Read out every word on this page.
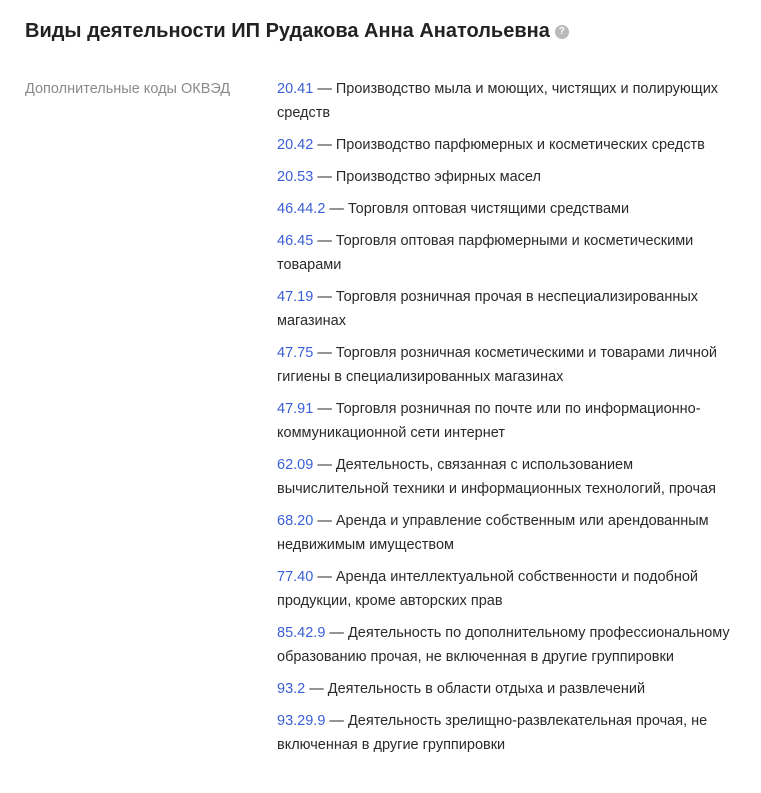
Виды деятельности ИП Рудакова Анна Анатольевна ?
Дополнительные коды ОКВЭД	20.41 — Производство мыла и моющих, чистящих и полирующих средств
20.42 — Производство парфюмерных и косметических средств
20.53 — Производство эфирных масел
46.44.2 — Торговля оптовая чистящими средствами
46.45 — Торговля оптовая парфюмерными и косметическими товарами
47.19 — Торговля розничная прочая в неспециализированных магазинах
47.75 — Торговля розничная косметическими и товарами личной гигиены в специализированных магазинах
47.91 — Торговля розничная по почте или по информационно-коммуникационной сети интернет
62.09 — Деятельность, связанная с использованием вычислительной техники и информационных технологий, прочая
68.20 — Аренда и управление собственным или арендованным недвижимым имуществом
77.40 — Аренда интеллектуальной собственности и подобной продукции, кроме авторских прав
85.42.9 — Деятельность по дополнительному профессиональному образованию прочая, не включенная в другие группировки
93.2 — Деятельность в области отдыха и развлечений
93.29.9 — Деятельность зрелищно-развлекательная прочая, не включенная в другие группировки
